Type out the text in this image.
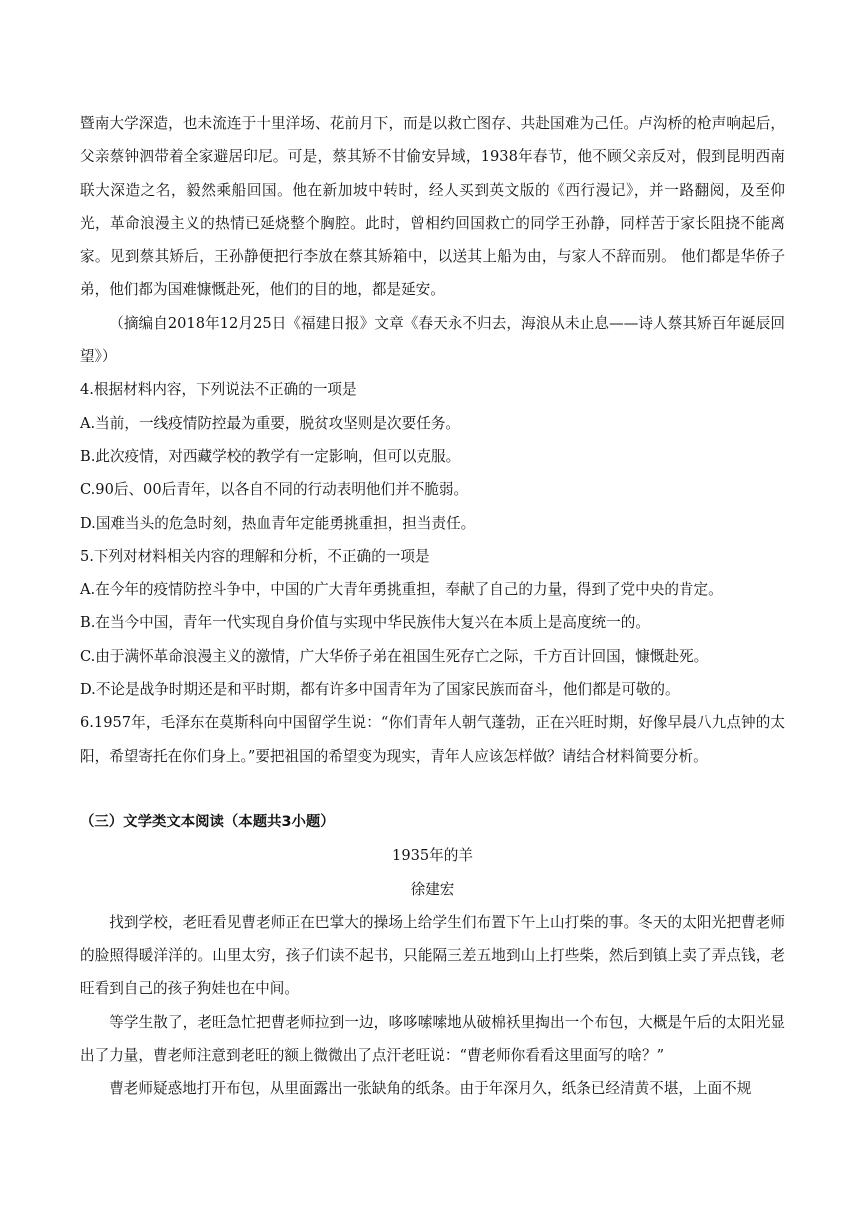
暨南大学深造，也未流连于十里洋场、花前月下，而是以救亡图存、共赴国难为己任。卢沟桥的枪声响起后，父亲蔡钟泗带着全家避居印尼。可是，蔡其矫不甘偷安异域，1938年春节，他不顾父亲反对，假到昆明西南联大深造之名，毅然乘船回国。他在新加坡中转时，经人买到英文版的《西行漫记》，并一路翻阅，及至仰光，革命浪漫主义的热情已延烧整个胸腔。此时，曾相约回国救亡的同学王孙静，同样苦于家长阻挠不能离家。见到蔡其矫后，王孙静便把行李放在蔡其矫箱中，以送其上船为由，与家人不辞而别。 他们都是华侨子弟，他们都为国难慷慨赴死，他们的目的地，都是延安。

（摘编自2018年12月25日《福建日报》文章《春天永不归去，海浪从未止息——诗人蔡其矫百年诞辰回望》）

4.根据材料内容，下列说法不正确的一项是

A.当前，一线疫情防控最为重要，脱贫攻坚则是次要任务。

B.此次疫情，对西藏学校的教学有一定影响，但可以克服。

C.90后、00后青年，以各自不同的行动表明他们并不脆弱。

D.国难当头的危急时刻，热血青年定能勇挑重担，担当责任。

5.下列对材料相关内容的理解和分析，不正确的一项是

A.在今年的疫情防控斗争中，中国的广大青年勇挑重担，奉献了自己的力量，得到了党中央的肯定。

B.在当今中国，青年一代实现自身价值与实现中华民族伟大复兴在本质上是高度统一的。

C.由于满怀革命浪漫主义的激情，广大华侨子弟在祖国生死存亡之际，千方百计回国，慷慨赴死。

D.不论是战争时期还是和平时期，都有许多中国青年为了国家民族而奋斗，他们都是可敬的。

6.1957年，毛泽东在莫斯科向中国留学生说：“你们青年人朝气蓬勃，正在兴旺时期，好像早晨八九点钟的太阳，希望寄托在你们身上。”要把祖国的希望变为现实，青年人应该怎样做？请结合材料简要分析。

（三）文学类文本阅读（本题共3小题）

1935年的羊

徐建宏

找到学校，老旺看见曹老师正在巴掌大的操场上给学生们布置下午上山打柴的事。冬天的太阳光把曹老师的脸照得暖洋洋的。山里太穷，孩子们读不起书，只能隔三差五地到山上打些柴，然后到镇上卖了弄点钱，老旺看到自己的孩子狗娃也在中间。

等学生散了，老旺急忙把曹老师拉到一边，哆哆嗦嗦地从破棉袄里掏出一个布包，大概是午后的太阳光显出了力量，曹老师注意到老旺的额上微微出了点汗老旺说：“曹老师你看看这里面写的啥？”

曹老师疑惑地打开布包，从里面露出一张缺角的纸条。由于年深月久，纸条已经清黄不堪，上面不规
